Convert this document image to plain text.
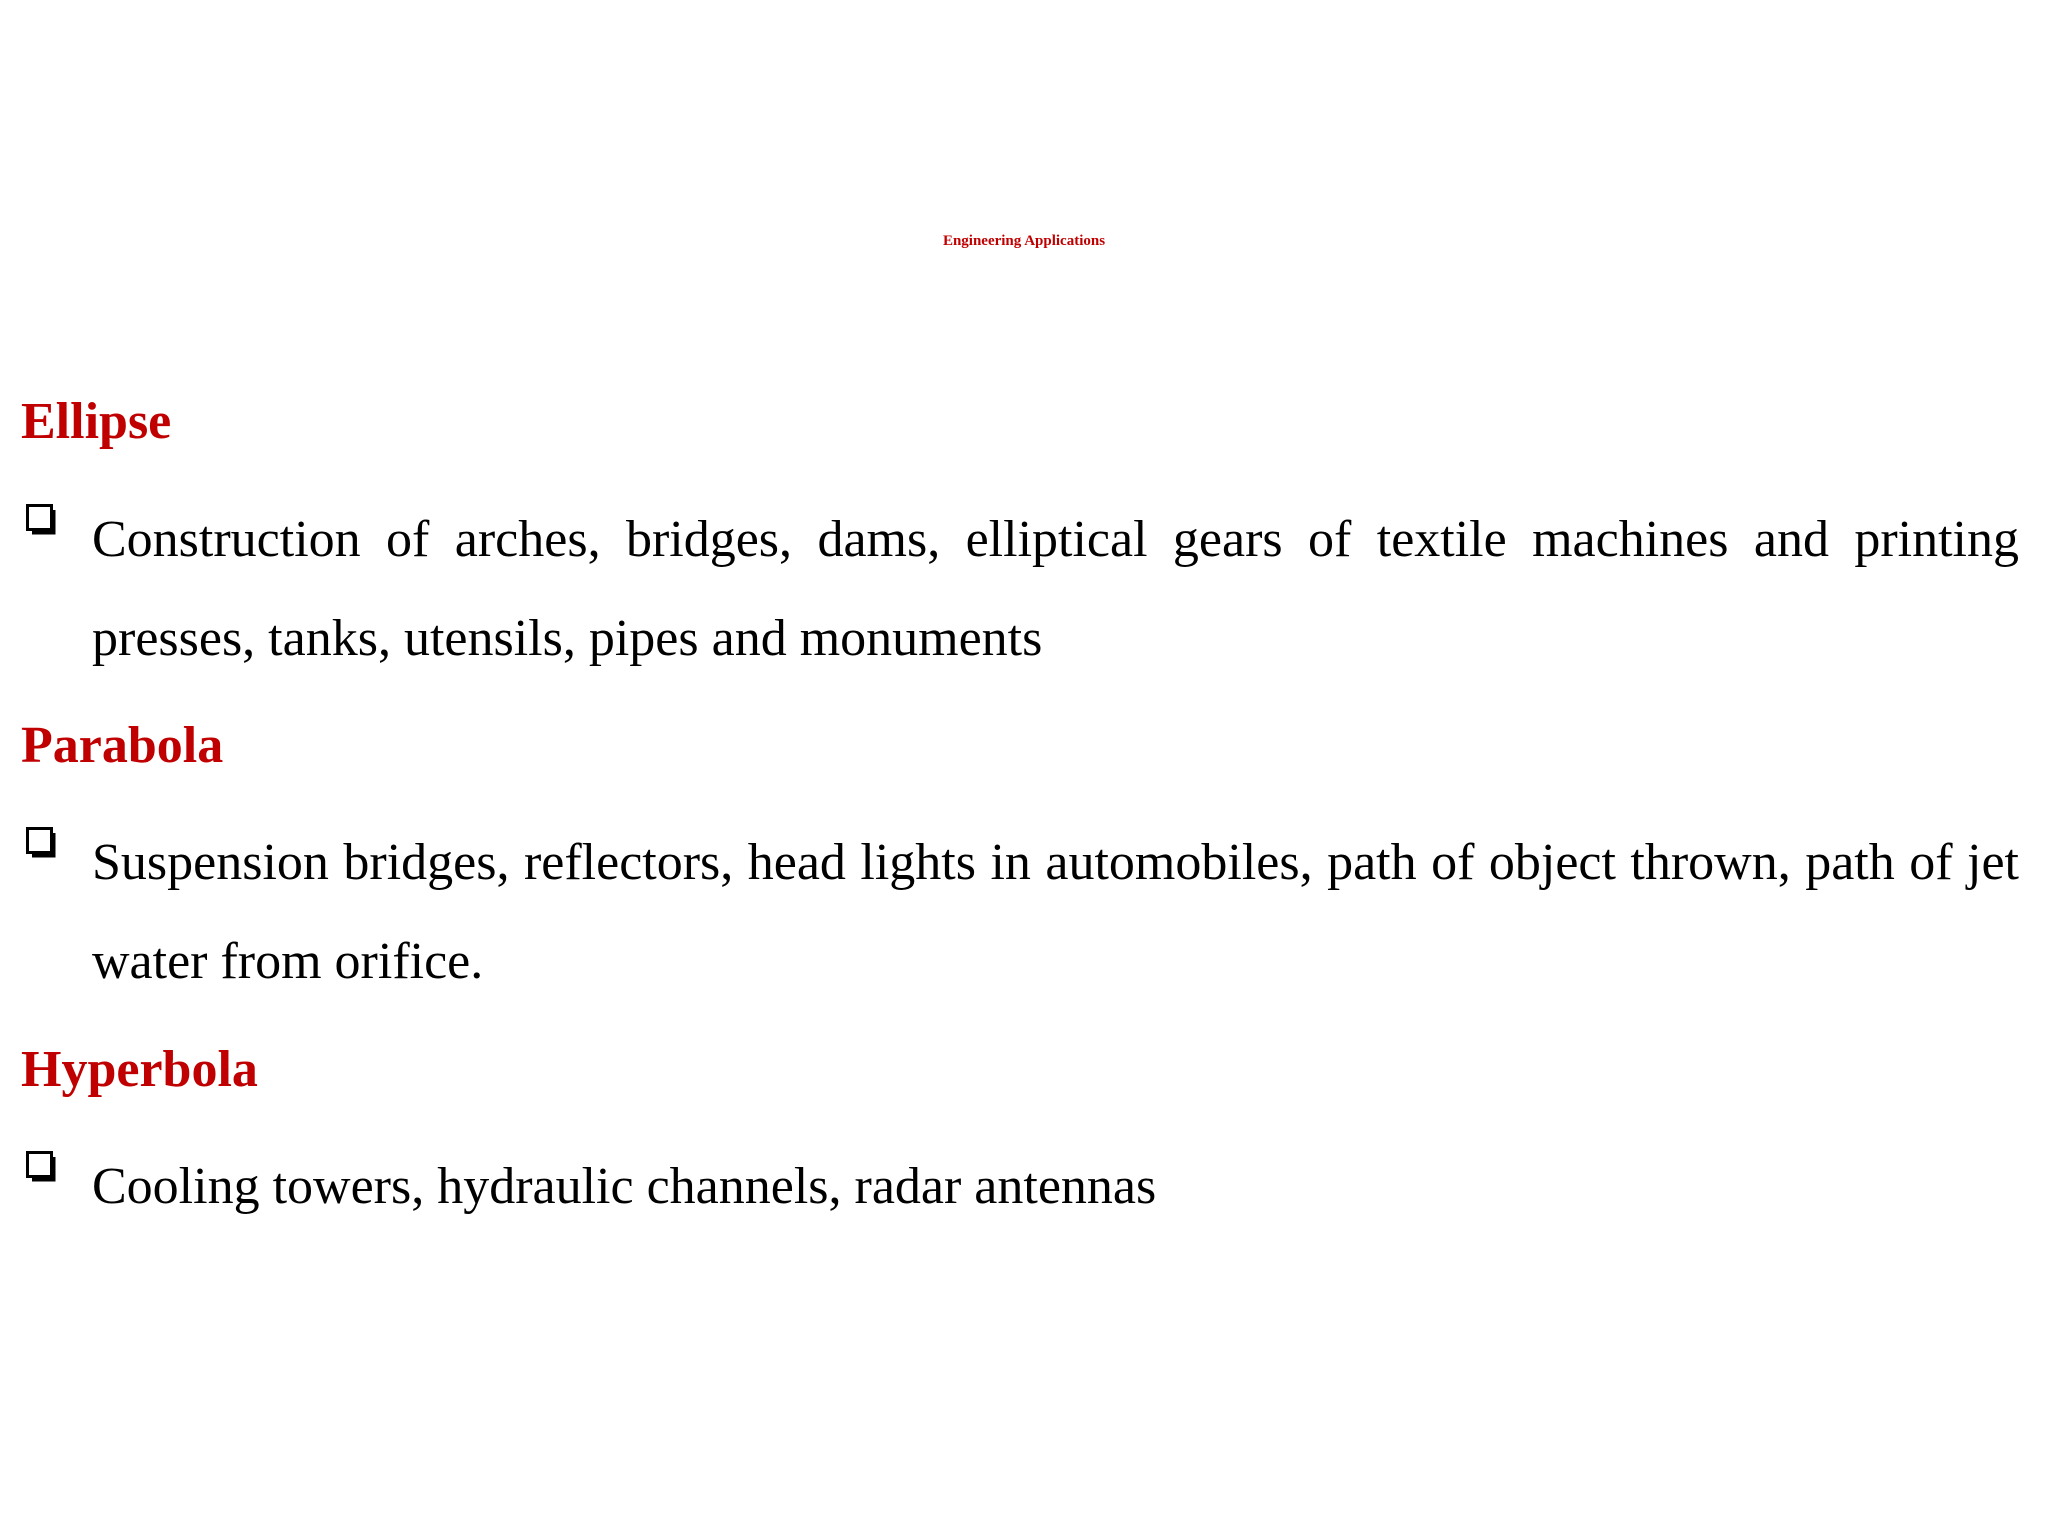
Engineering Applications
Ellipse

Construction of arches, bridges, dams, elliptical gears of textile machines and printing presses, tanks, utensils, pipes and monuments

Parabola

Suspension bridges, reflectors, head lights in automobiles, path of object thrown, path of jet water from orifice.

Hyperbola

Cooling towers, hydraulic channels, radar antennas
